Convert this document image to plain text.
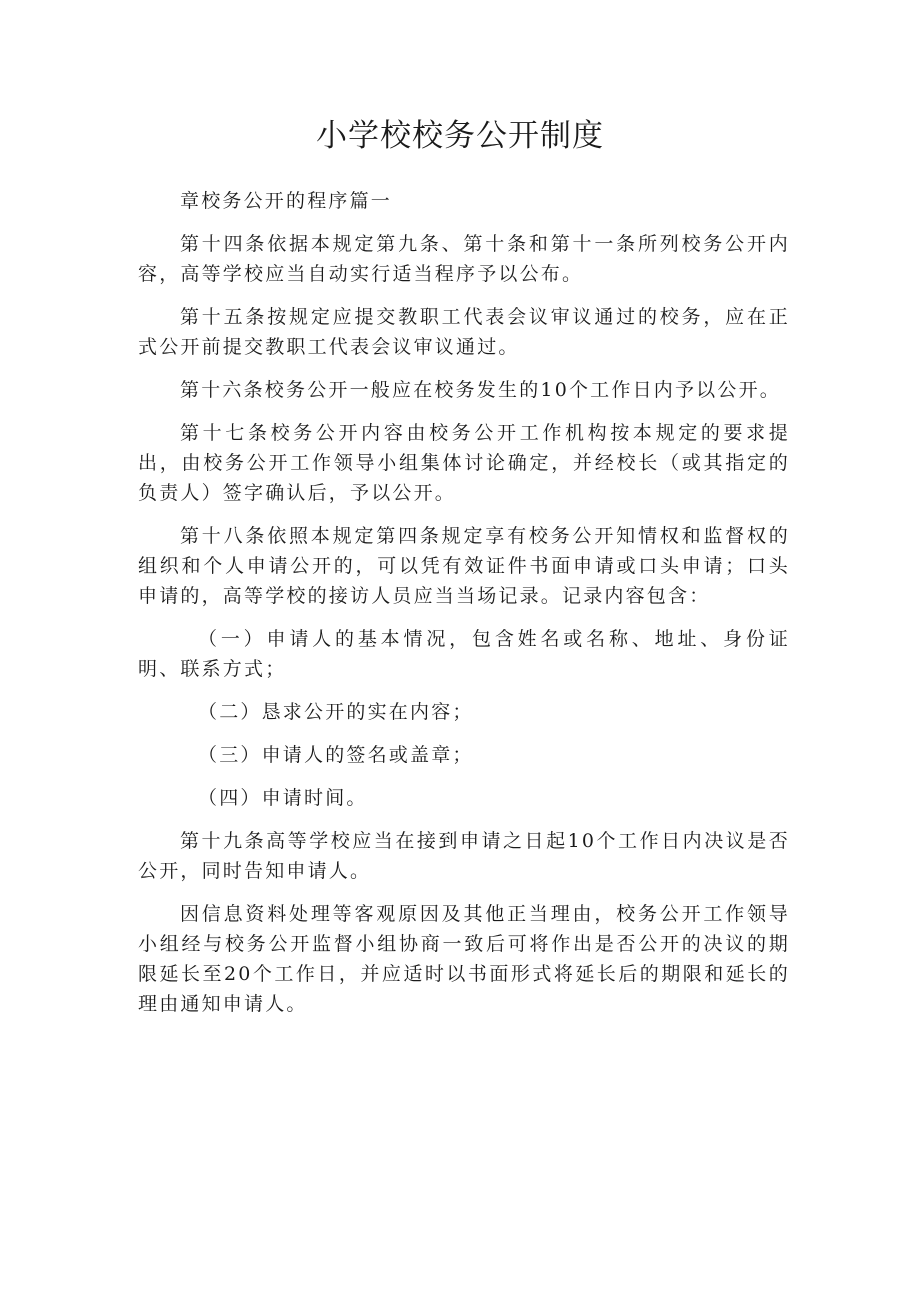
小学校校务公开制度

章校务公开的程序篇一

第十四条依据本规定第九条、第十条和第十一条所列校务公开内容，高等学校应当自动实行适当程序予以公布。

第十五条按规定应提交教职工代表会议审议通过的校务，应在正式公开前提交教职工代表会议审议通过。

第十六条校务公开一般应在校务发生的10个工作日内予以公开。

第十七条校务公开内容由校务公开工作机构按本规定的要求提出，由校务公开工作领导小组集体讨论确定，并经校长（或其指定的负责人）签字确认后，予以公开。

第十八条依照本规定第四条规定享有校务公开知情权和监督权的组织和个人申请公开的，可以凭有效证件书面申请或口头申请；口头申请的，高等学校的接访人员应当当场记录。记录内容包含：

（一）申请人的基本情况，包含姓名或名称、地址、身份证明、联系方式；

（二）恳求公开的实在内容；

（三）申请人的签名或盖章；

（四）申请时间。

第十九条高等学校应当在接到申请之日起10个工作日内决议是否公开，同时告知申请人。

因信息资料处理等客观原因及其他正当理由，校务公开工作领导小组经与校务公开监督小组协商一致后可将作出是否公开的决议的期限延长至20个工作日，并应适时以书面形式将延长后的期限和延长的理由通知申请人。
